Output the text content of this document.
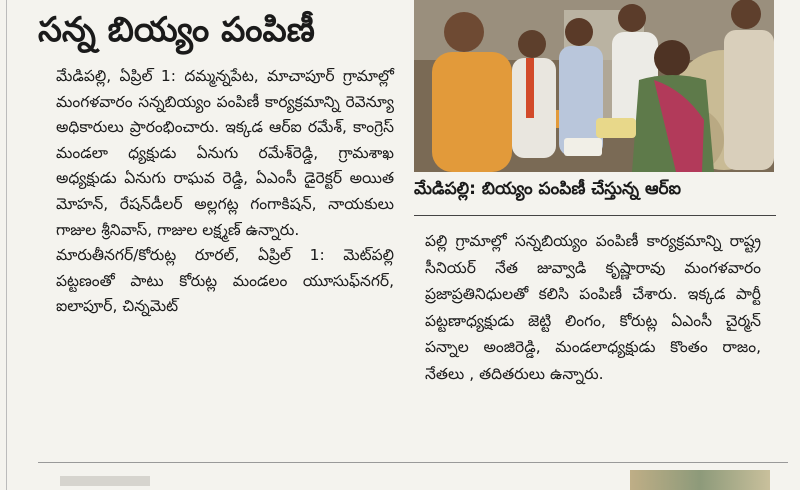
సన్న బియ్యం పంపిణీ

మేడిపల్లి, ఏప్రిల్ 1: దమ్మన్నపేట, మాచాపూర్ గ్రామాల్లో మంగళవారం సన్నబియ్యం పంపిణీ కార్యక్రమాన్ని రెవెన్యూ అధికారులు ప్రారంభించారు. ఇక్కడ ఆర్ఐ రమేశ్, కాంగ్రెస్ మండలా ధ్యక్షుడు ఏనుగు రమేశ్‌రెడ్డి, గ్రామశాఖ అధ్యక్షుడు ఏనుగు రాఘవ రెడ్డి, ఏఎంసీ డైరెక్టర్ అయిత మోహన్, రేషన్‌డీలర్ అల్లగట్ల గంగాకిషన్, నాయకులు గాజుల శ్రీనివాస్, గాజుల లక్ష్మణ్ ఉన్నారు.

మారుతీనగర్/కోరుట్ల రూరల్, ఏప్రిల్ 1: మెట్‌పల్లి పట్టణంతో పాటు కోరుట్ల మండలం యూసుఫ్‌నగర్, ఐలాపూర్, చిన్నమెట్

మేడిపల్లి: బియ్యం పంపిణీ చేస్తున్న ఆర్ఐ

పల్లి గ్రామాల్లో సన్నబియ్యం పంపిణీ కార్యక్రమాన్ని రాష్ట్ర సీనియర్ నేత జువ్వాడి కృష్ణారావు మంగళవారం ప్రజాప్రతినిధులతో కలిసి పంపిణీ చేశారు. ఇక్కడ పార్టీ పట్టణాధ్యక్షుడు జెట్టి లింగం, కోరుట్ల ఏఎంసీ చైర్మన్ పన్నాల అంజిరెడ్డి, మండలాధ్యక్షుడు కొంతం రాజం, నేతలు , తదితరులు ఉన్నారు.
